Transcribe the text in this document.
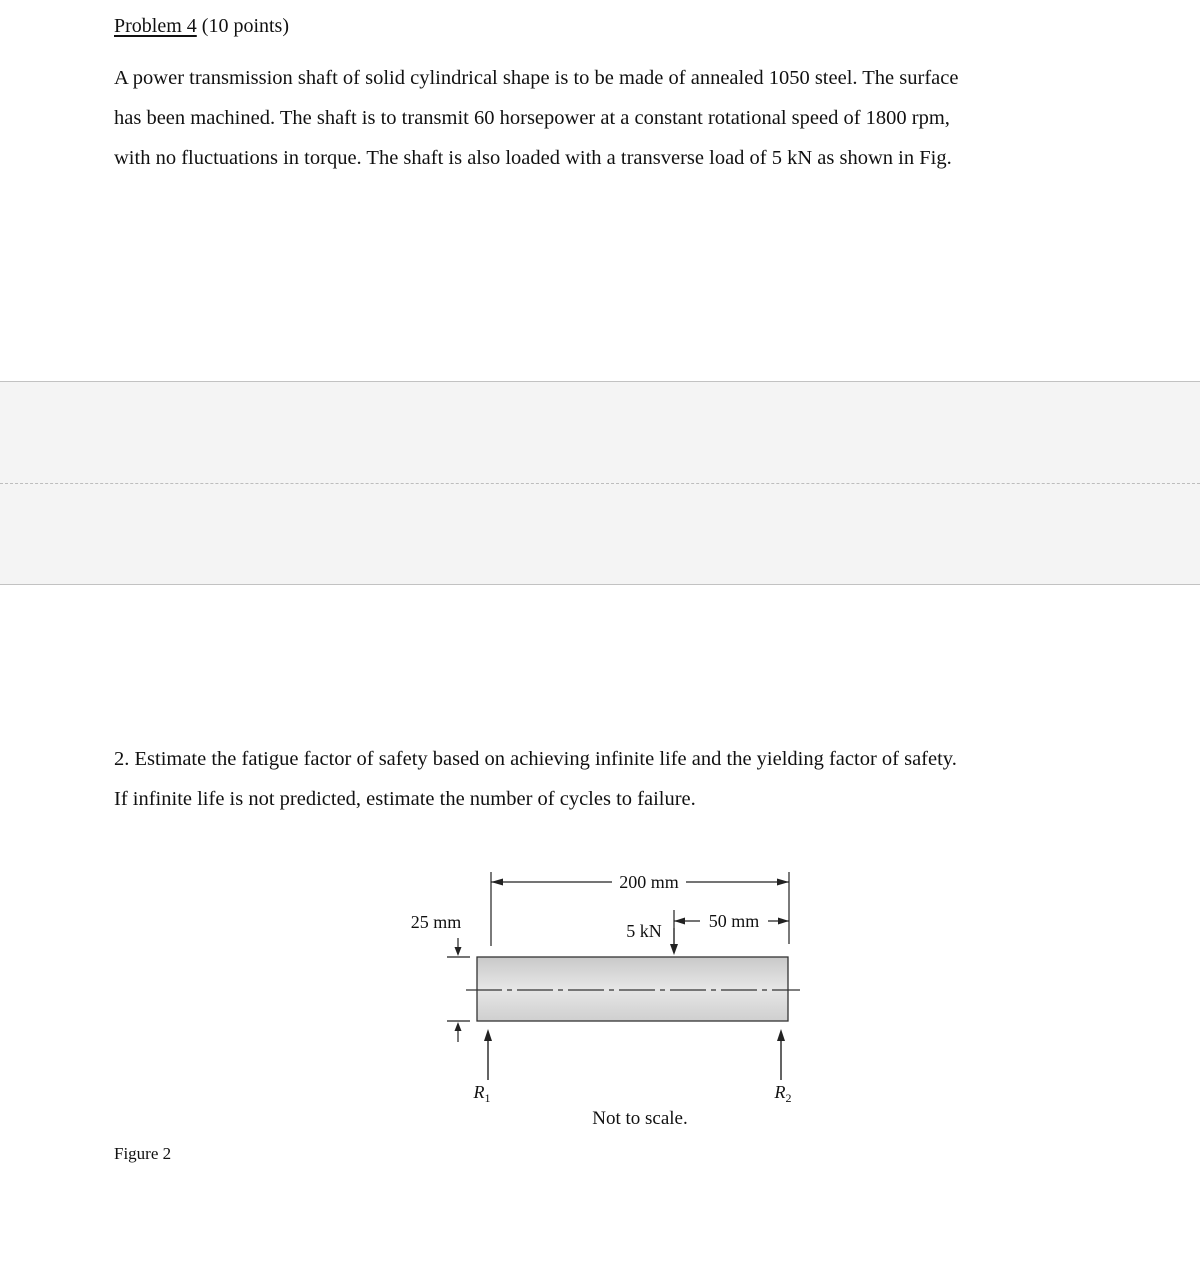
Problem 4 (10 points)

A power transmission shaft of solid cylindrical shape is to be made of annealed 1050 steel. The surface
has been machined. The shaft is to transmit 60 horsepower at a constant rotational speed of 1800 rpm,
with no fluctuations in torque. The shaft is also loaded with a transverse load of 5 kN as shown in Fig.

2. Estimate the fatigue factor of safety based on achieving infinite life and the yielding factor of safety.
If infinite life is not predicted, estimate the number of cycles to failure.

200 mm
50 mm
5 kN
25 mm
$R_1$	$R_2$
Not to scale.

Figure 2
